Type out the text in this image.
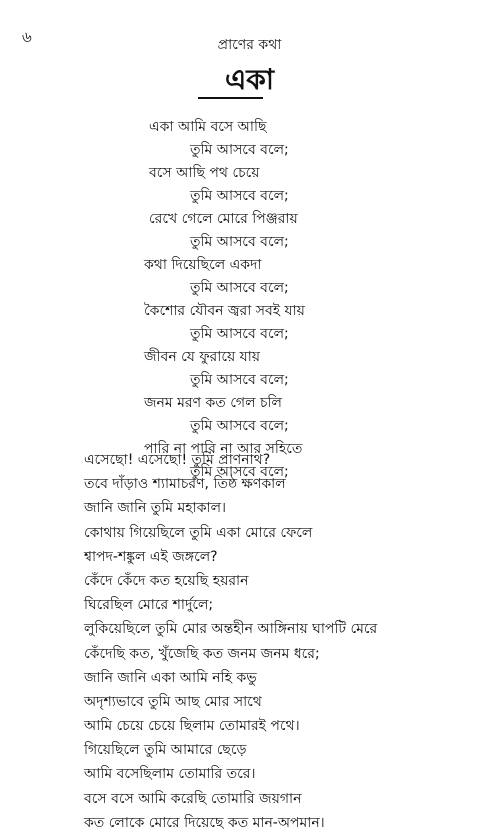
৬	প্রাণের কথা
একা
একা আমি বসে আছি
তুমি আসবে বলে;
বসে আছি পথ চেয়ে
তুমি আসবে বলে;
রেখে গেলে মোরে পিঞ্জরায়
তুমি আসবে বলে;
কথা দিয়েছিলে একদা
তুমি আসবে বলে;
কৈশোর যৌবন জ্বরা সবই যায়
তুমি আসবে বলে;
জীবন যে ফুরায়ে যায়
তুমি আসবে বলে;
জনম মরণ কত গেল চলি
তুমি আসবে বলে;
পারি না পারি না আর সহিতে
তুমি আসবে বলে;
এসেছো! এসেছো! তুমি প্রাণনাথ?
তবে দাঁড়াও শ্যামাচরণ, তিষ্ঠ ক্ষণকাল
জানি জানি তুমি মহাকাল।
কোথায় গিয়েছিলে তুমি একা মোরে ফেলে
শ্বাপদ-শঙ্কুল এই জঙ্গলে?
কেঁদে কেঁদে কত হয়েছি হয়রান
ঘিরেছিল মোরে শার্দুলে;
লুকিয়েছিলে তুমি মোর অন্তহীন আঙ্গিনায় ঘাপটি মেরে
কেঁদেছি কত, খুঁজেছি কত জনম জনম ধরে;
জানি জানি একা আমি নহি কভু
অদৃশ্যভাবে তুমি আছ মোর সাথে
আমি চেয়ে চেয়ে ছিলাম তোমারই পথে।
গিয়েছিলে তুমি আমারে ছেড়ে
আমি বসেছিলাম তোমারি তরে।
বসে বসে আমি করেছি তোমারি জয়গান
কত লোকে মোরে দিয়েছে কত মান-অপমান।
